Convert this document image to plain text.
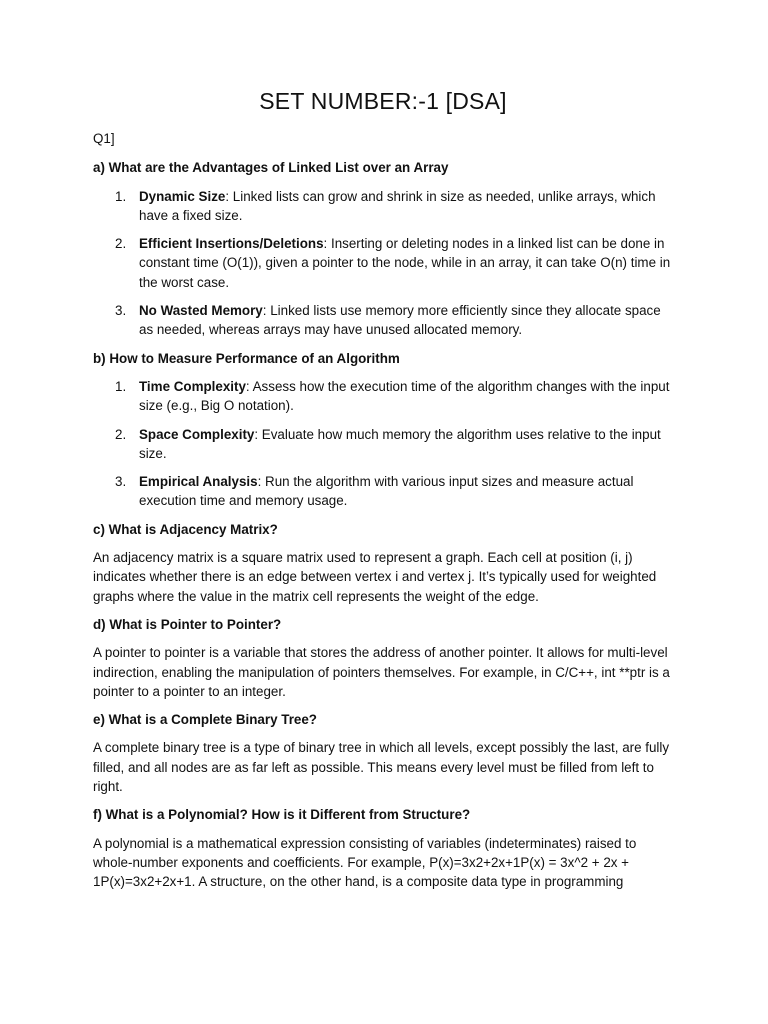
SET NUMBER:-1 [DSA]

Q1]

a) What are the Advantages of Linked List over an Array

1. Dynamic Size: Linked lists can grow and shrink in size as needed, unlike arrays, which have a fixed size.
2. Efficient Insertions/Deletions: Inserting or deleting nodes in a linked list can be done in constant time (O(1)), given a pointer to the node, while in an array, it can take O(n) time in the worst case.
3. No Wasted Memory: Linked lists use memory more efficiently since they allocate space as needed, whereas arrays may have unused allocated memory.

b) How to Measure Performance of an Algorithm

1. Time Complexity: Assess how the execution time of the algorithm changes with the input size (e.g., Big O notation).
2. Space Complexity: Evaluate how much memory the algorithm uses relative to the input size.
3. Empirical Analysis: Run the algorithm with various input sizes and measure actual execution time and memory usage.

c) What is Adjacency Matrix?

An adjacency matrix is a square matrix used to represent a graph. Each cell at position (i, j) indicates whether there is an edge between vertex i and vertex j. It’s typically used for weighted graphs where the value in the matrix cell represents the weight of the edge.

d) What is Pointer to Pointer?

A pointer to pointer is a variable that stores the address of another pointer. It allows for multi-level indirection, enabling the manipulation of pointers themselves. For example, in C/C++, int **ptr is a pointer to a pointer to an integer.

e) What is a Complete Binary Tree?

A complete binary tree is a type of binary tree in which all levels, except possibly the last, are fully filled, and all nodes are as far left as possible. This means every level must be filled from left to right.

f) What is a Polynomial? How is it Different from Structure?

A polynomial is a mathematical expression consisting of variables (indeterminates) raised to whole-number exponents and coefficients. For example, P(x)=3x2+2x+1P(x) = 3x^2 + 2x + 1P(x)=3x2+2x+1. A structure, on the other hand, is a composite data type in programming
